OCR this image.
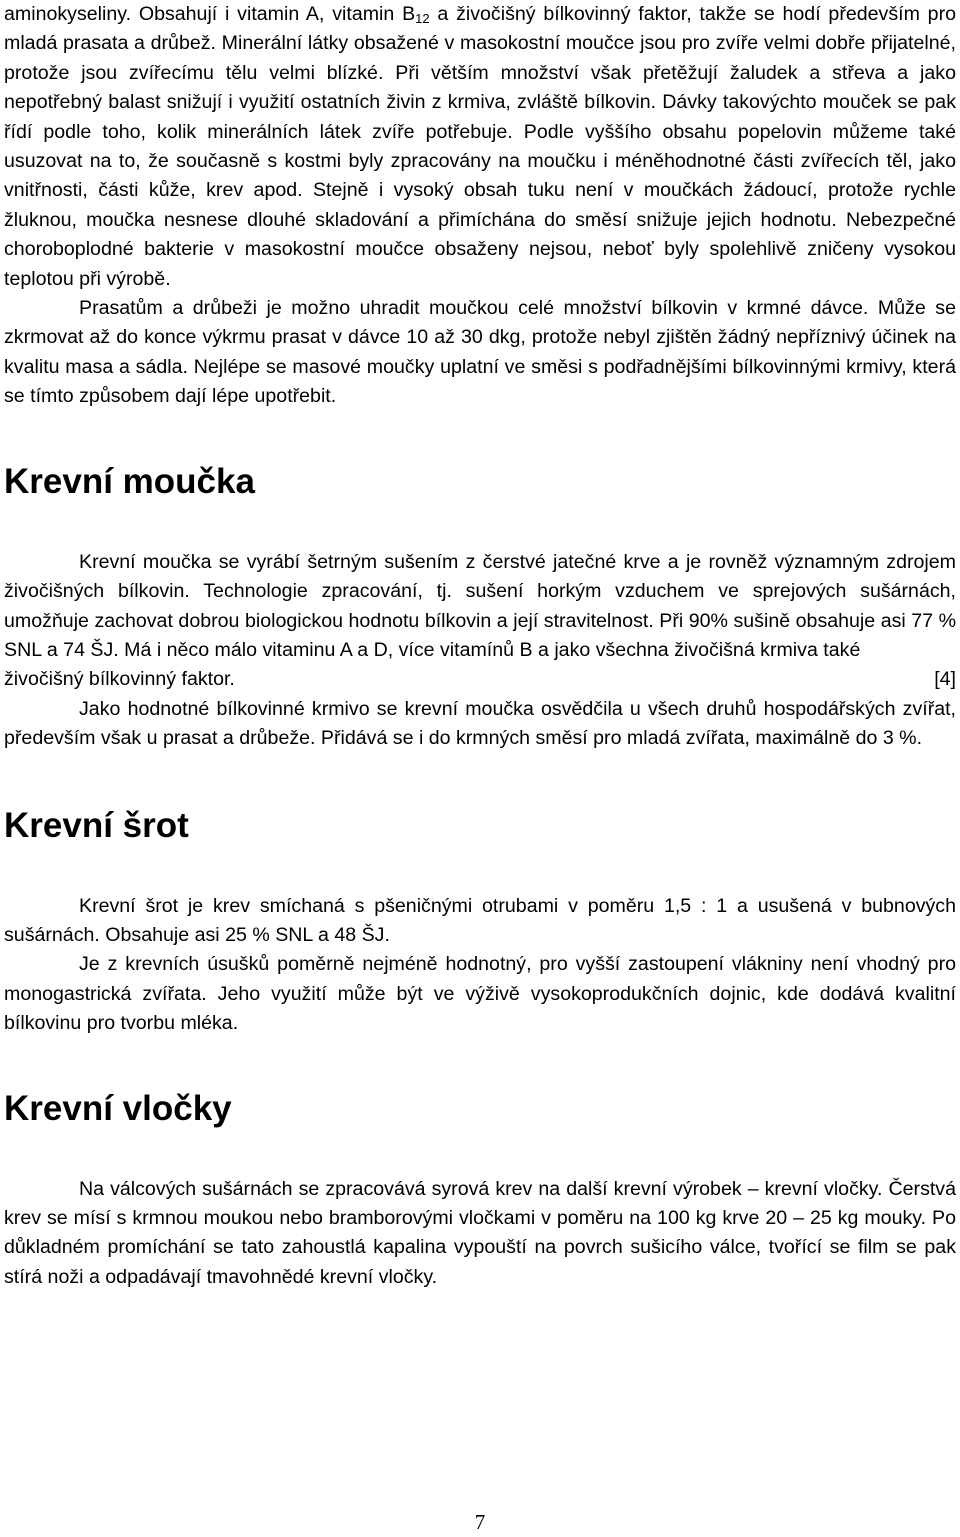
aminokyseliny. Obsahují i vitamin A, vitamin $B_{12}$ a živočišný bílkovinný faktor, takže se hodí především pro mladá prasata a drůbež. Minerální látky obsažené v masokostní moučce jsou pro zvíře velmi dobře přijatelné, protože jsou zvířecímu tělu velmi blízké. Při větším množství však přetěžují žaludek a střeva a jako nepotřebný balast snižují i využití ostatních živin z krmiva, zvláště bílkovin. Dávky takovýchto mouček se pak řídí podle toho, kolik minerálních látek zvíře potřebuje. Podle vyššího obsahu popelovin můžeme také usuzovat na to, že současně s kostmi byly zpracovány na moučku i méněhodnotné části zvířecích těl, jako vnitřnosti, části kůže, krev apod. Stejně i vysoký obsah tuku není v moučkách žádoucí, protože rychle žluknou, moučka nesnese dlouhé skladování a přimíchána do směsí snižuje jejich hodnotu. Nebezpečné choroboplodné bakterie v masokostní moučce obsaženy nejsou, neboť byly spolehlivě zničeny vysokou teplotou při výrobě.

Prasatům a drůbeži je možno uhradit moučkou celé množství bílkovin v krmné dávce. Může se zkrmovat až do konce výkrmu prasat v dávce 10 až 30 dkg, protože nebyl zjištěn žádný nepříznivý účinek na kvalitu masa a sádla. Nejlépe se masové moučky uplatní ve směsi s podřadnějšími bílkovinnými krmivy, která se tímto způsobem dají lépe upotřebit.

Krevní moučka

Krevní moučka se vyrábí šetrným sušením z čerstvé jatečné krve a je rovněž významným zdrojem živočišných bílkovin. Technologie zpracování, tj. sušení horkým vzduchem ve sprejových sušárnách, umožňuje zachovat dobrou biologickou hodnotu bílkovin a její stravitelnost. Při 90% sušině obsahuje asi 77 % SNL a 74 ŠJ. Má i něco málo vitaminu A a D, více vitamínů B a jako všechna živočišná krmiva také

živočišný bílkovinný faktor.	[4]

Jako hodnotné bílkovinné krmivo se krevní moučka osvědčila u všech druhů hospodářských zvířat, především však u prasat a drůbeže. Přidává se i do krmných směsí pro mladá zvířata, maximálně do 3 %.

Krevní šrot

Krevní šrot je krev smíchaná s pšeničnými otrubami v poměru 1,5 : 1 a usušená v bubnových sušárnách. Obsahuje asi 25 % SNL a 48 ŠJ.

Je z krevních úsušků poměrně nejméně hodnotný, pro vyšší zastoupení vlákniny není vhodný pro monogastrická zvířata. Jeho využití může být ve výživě vysokoprodukčních dojnic, kde dodává kvalitní bílkovinu pro tvorbu mléka.

Krevní vločky

Na válcových sušárnách se zpracovává syrová krev na další krevní výrobek – krevní vločky. Čerstvá krev se mísí s krmnou moukou nebo bramborovými vločkami v poměru na 100 kg krve 20 – 25 kg mouky. Po důkladném promíchání se tato zahoustlá kapalina vypouští na povrch sušicího válce, tvořící se film se pak stírá noži a odpadávají tmavohnědé krevní vločky.

7
